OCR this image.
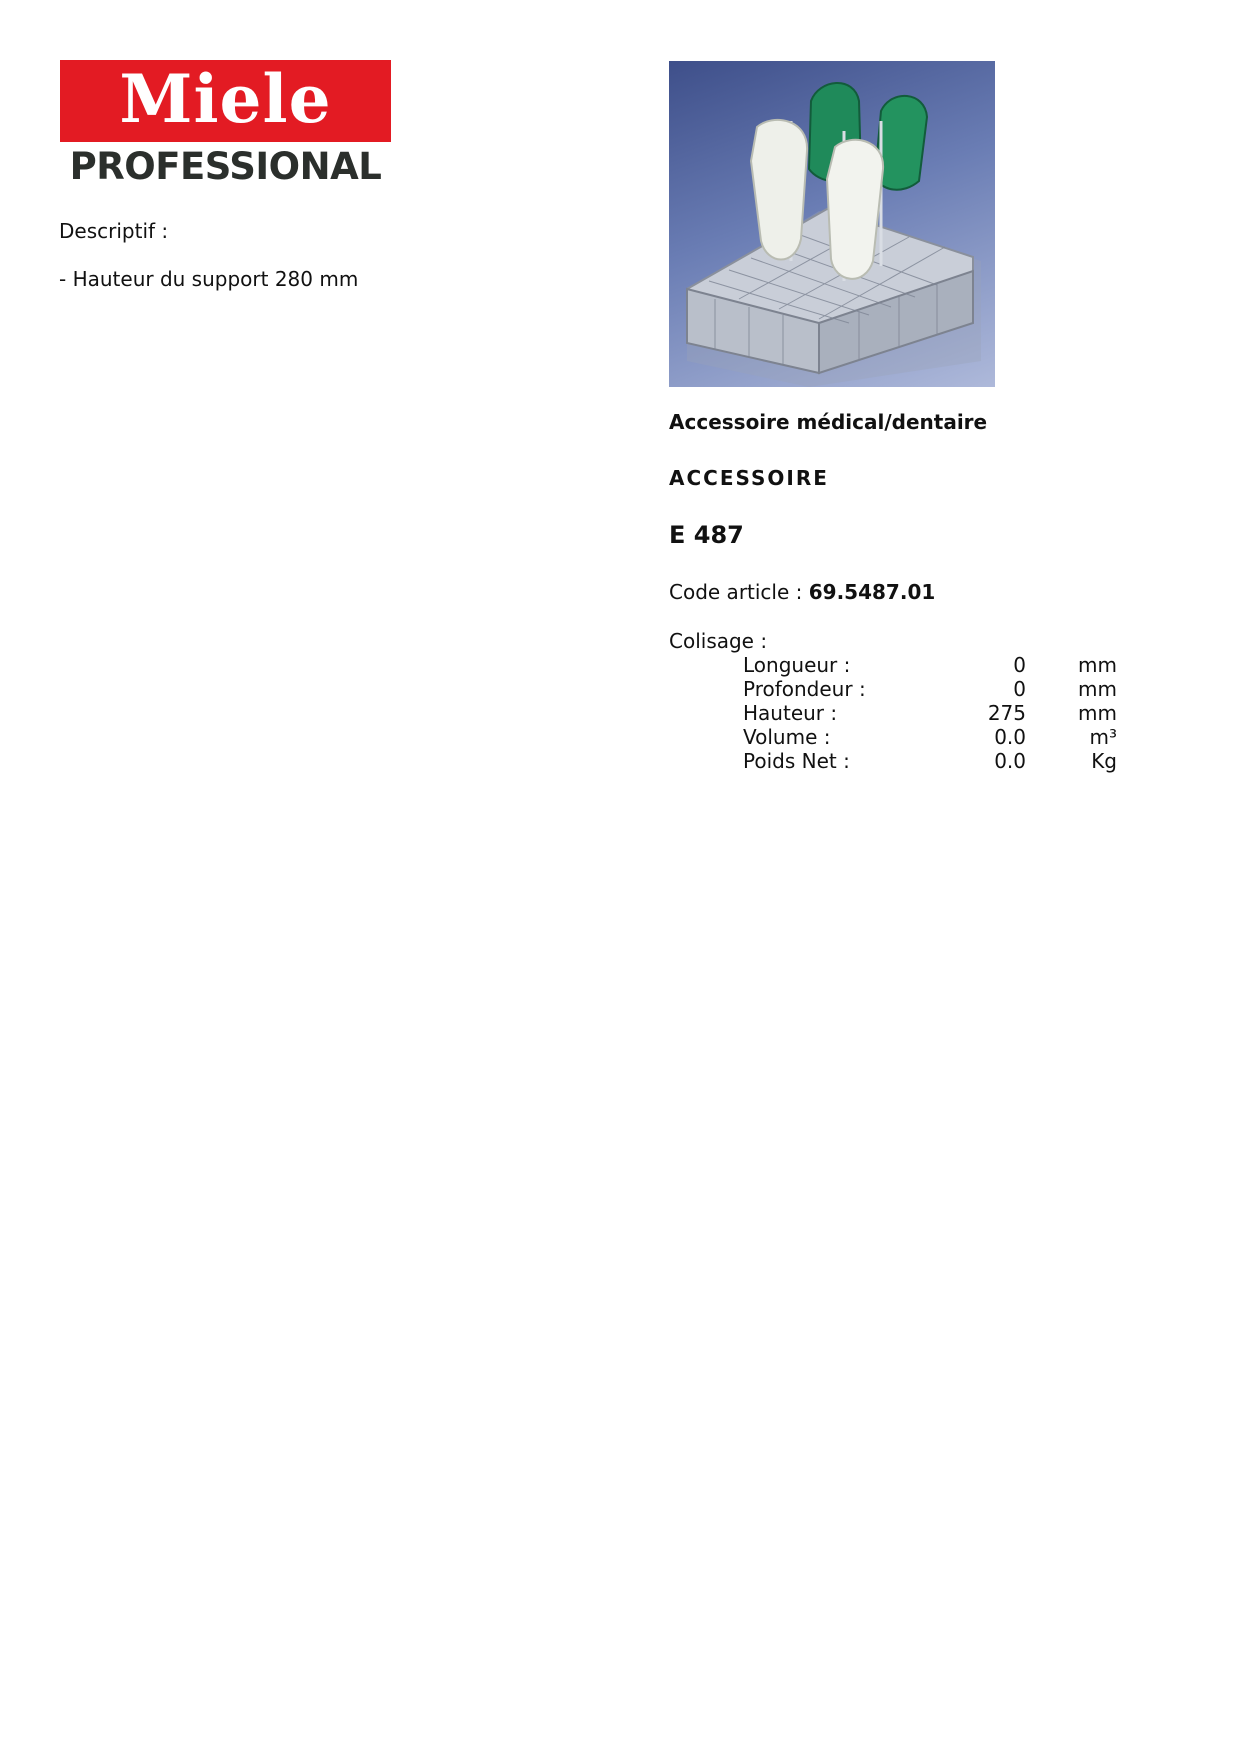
Miele
PROFESSIONAL
Descriptif :
- Hauteur du support 280 mm
Accessoire médical/dentaire
ACCESSOIRE
E 487
Code article : 69.5487.01
Colisage :
Longueur :	0	mm
Profondeur :	0	mm
Hauteur :	275	mm
Volume :	0.0	m³
Poids Net :	0.0	Kg
